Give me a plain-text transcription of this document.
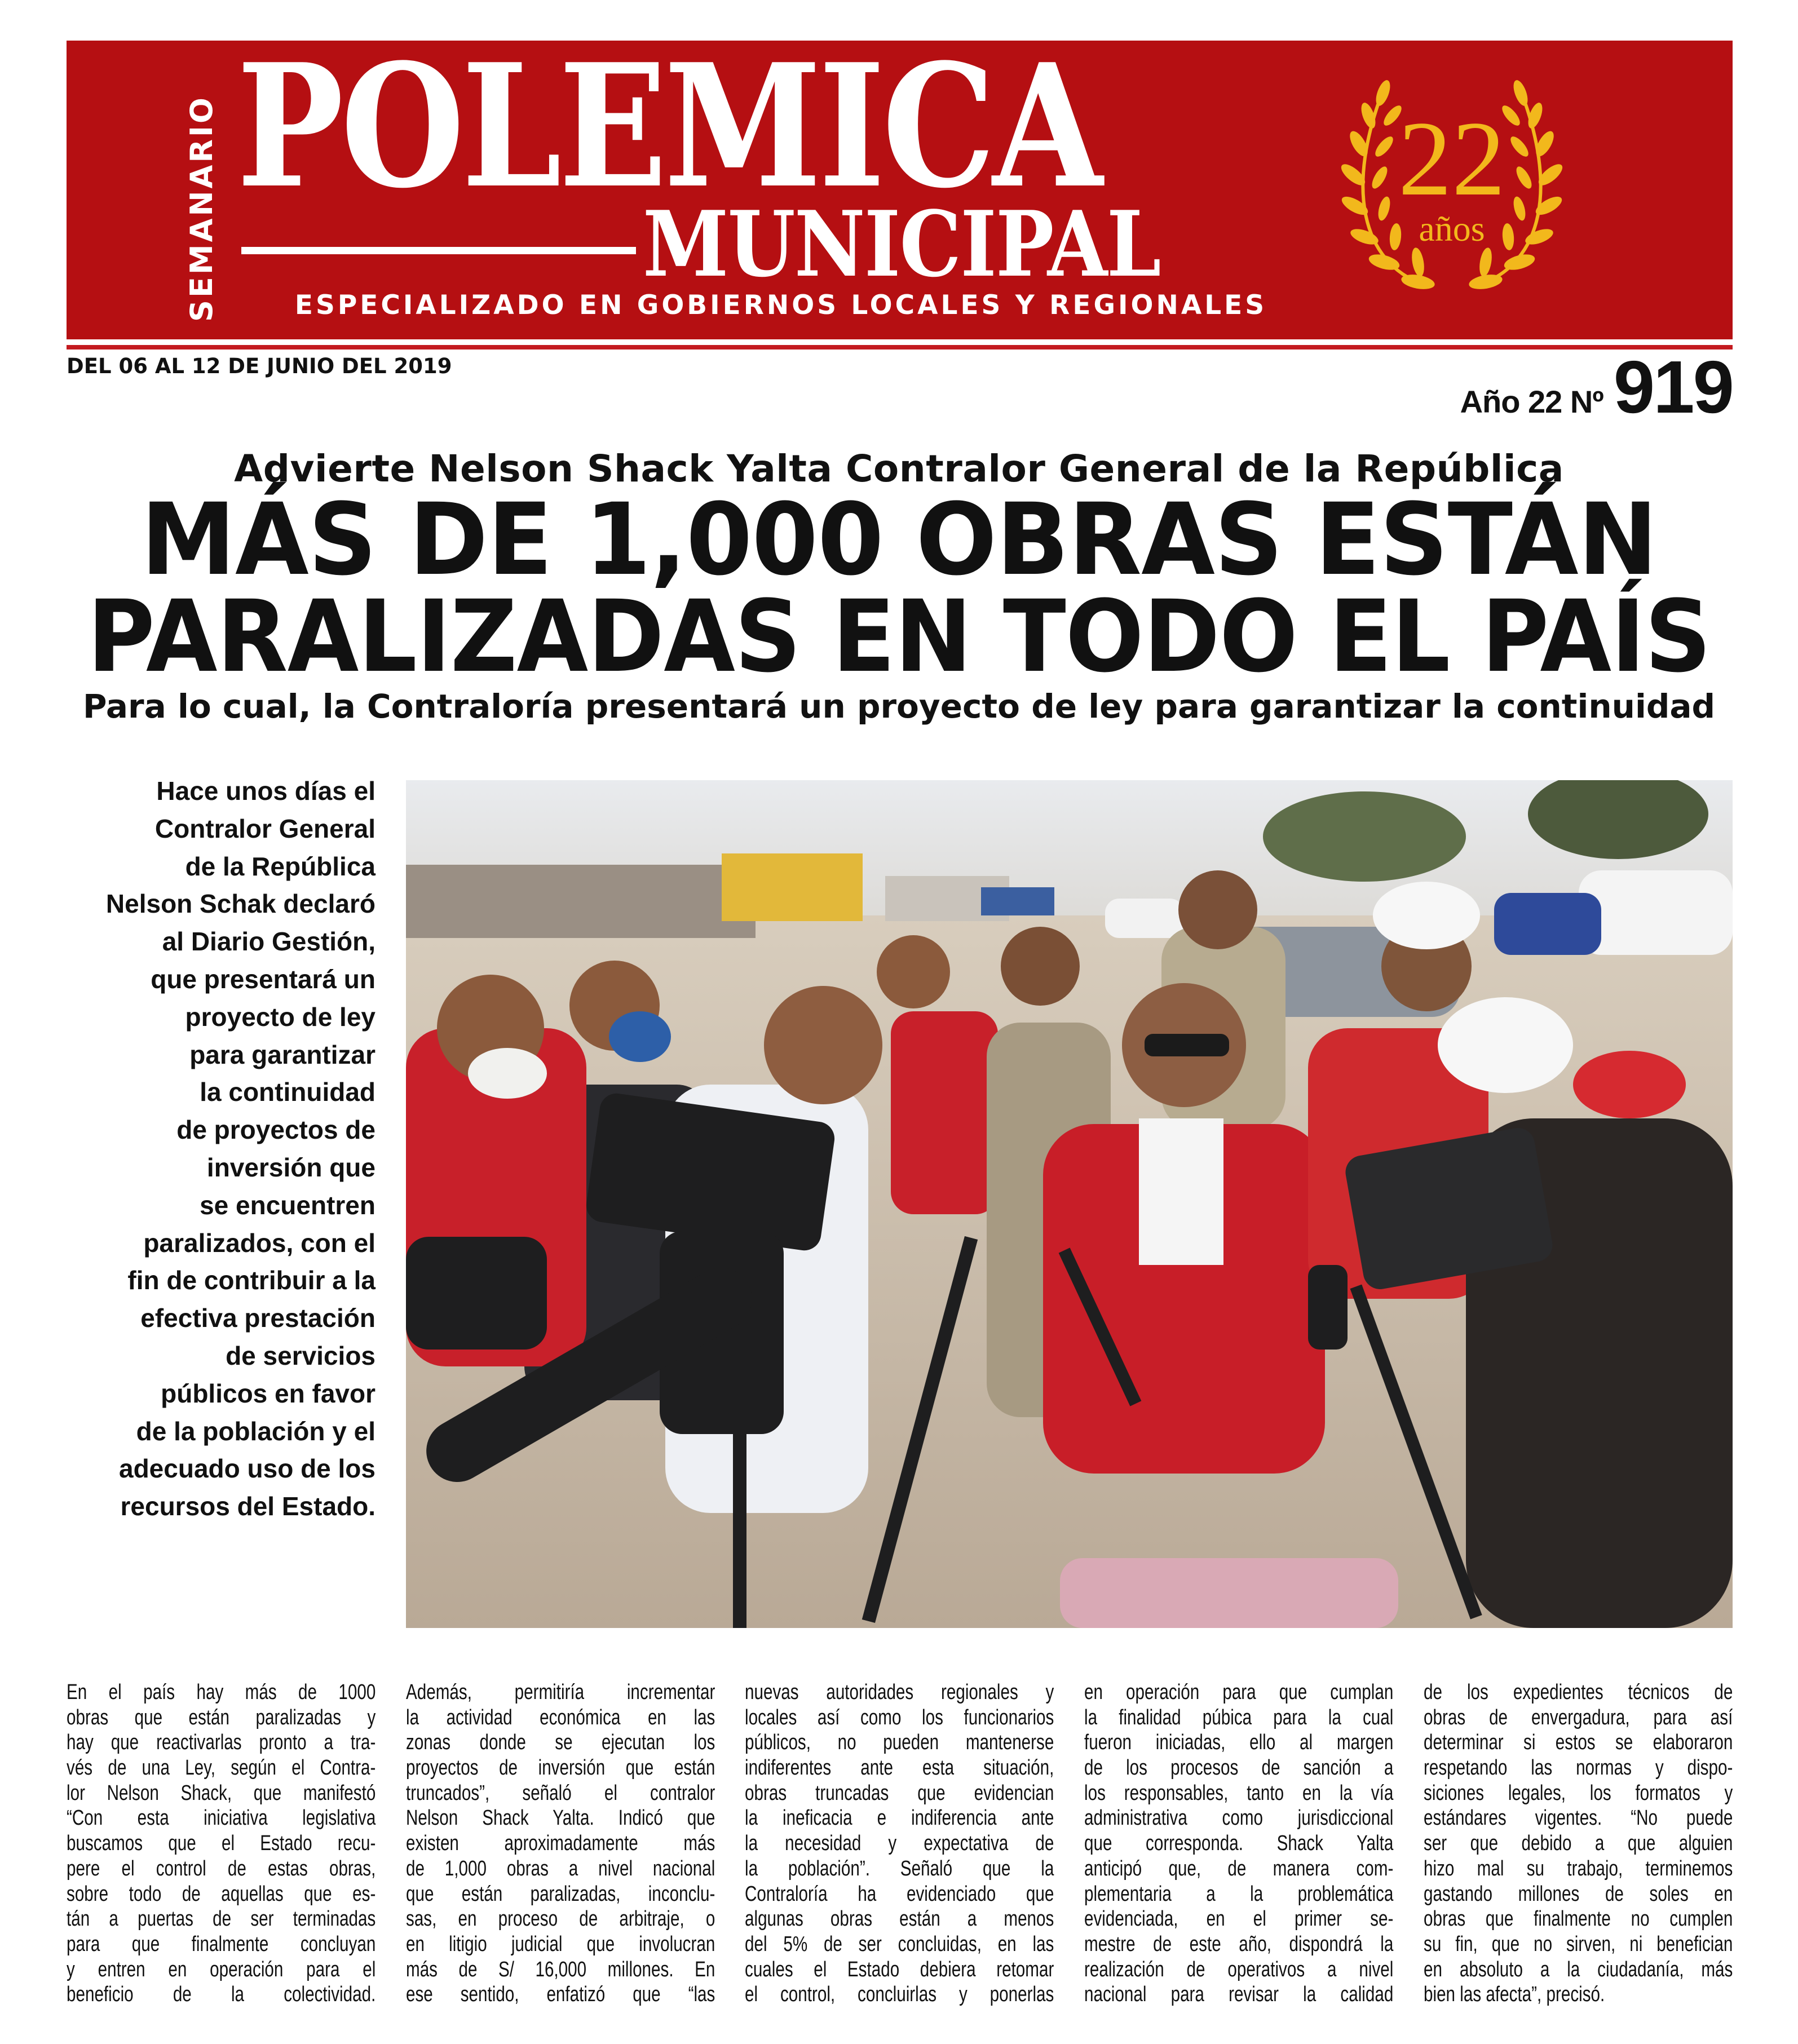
SEMANARIO POLEMICA
MUNICIPAL
ESPECIALIZADO EN GOBIERNOS LOCALES Y REGIONALES
22
años
DEL 06 AL 12 DE JUNIO DEL 2019
Año 22 Nº 919
Advierte Nelson Shack Yalta Contralor General de la República
MÁS DE 1,000 OBRAS ESTÁN
PARALIZADAS EN TODO EL PAÍS
Para lo cual, la Contraloría presentará un proyecto de ley para garantizar la continuidad
Hace unos días el
Contralor General
de la República
Nelson Schak declaró
al Diario Gestión,
que presentará un
proyecto de ley
para garantizar
la continuidad
de proyectos de
inversión que
se encuentren
paralizados, con el
fin de contribuir a la
efectiva prestación
de servicios
públicos en favor
de la población y el
adecuado uso de los
recursos del Estado.
En el país hay más de 1000
obras que están paralizadas y
hay que reactivarlas pronto a tra-
vés de una Ley, según el Contra-
lor Nelson Shack, que manifestó
“Con esta iniciativa legislativa
buscamos que el Estado recu-
pere el control de estas obras,
sobre todo de aquellas que es-
tán a puertas de ser terminadas
para que finalmente concluyan
y entren en operación para el
beneficio de la colectividad.
Además, permitiría incrementar
la actividad económica en las
zonas donde se ejecutan los
proyectos de inversión que están
truncados”, señaló el contralor
Nelson Shack Yalta. Indicó que
existen aproximadamente más
de 1,000 obras a nivel nacional
que están paralizadas, inconclu-
sas, en proceso de arbitraje, o
en litigio judicial que involucran
más de S/ 16,000 millones. En
ese sentido, enfatizó que “las
nuevas autoridades regionales y
locales así como los funcionarios
públicos, no pueden mantenerse
indiferentes ante esta situación,
obras truncadas que evidencian
la ineficacia e indiferencia ante
la necesidad y expectativa de
la población”. Señaló que la
Contraloría ha evidenciado que
algunas obras están a menos
del 5% de ser concluidas, en las
cuales el Estado debiera retomar
el control, concluirlas y ponerlas
en operación para que cumplan
la finalidad púbica para la cual
fueron iniciadas, ello al margen
de los procesos de sanción a
los responsables, tanto en la vía
administrativa como jurisdiccional
que corresponda. Shack Yalta
anticipó que, de manera com-
plementaria a la problemática
evidenciada, en el primer se-
mestre de este año, dispondrá la
realización de operativos a nivel
nacional para revisar la calidad
de los expedientes técnicos de
obras de envergadura, para así
determinar si estos se elaboraron
respetando las normas y dispo-
siciones legales, los formatos y
estándares vigentes. “No puede
ser que debido a que alguien
hizo mal su trabajo, terminemos
gastando millones de soles en
obras que finalmente no cumplen
su fin, que no sirven, ni benefician
en absoluto a la ciudadanía, más
bien las afecta”, precisó.
